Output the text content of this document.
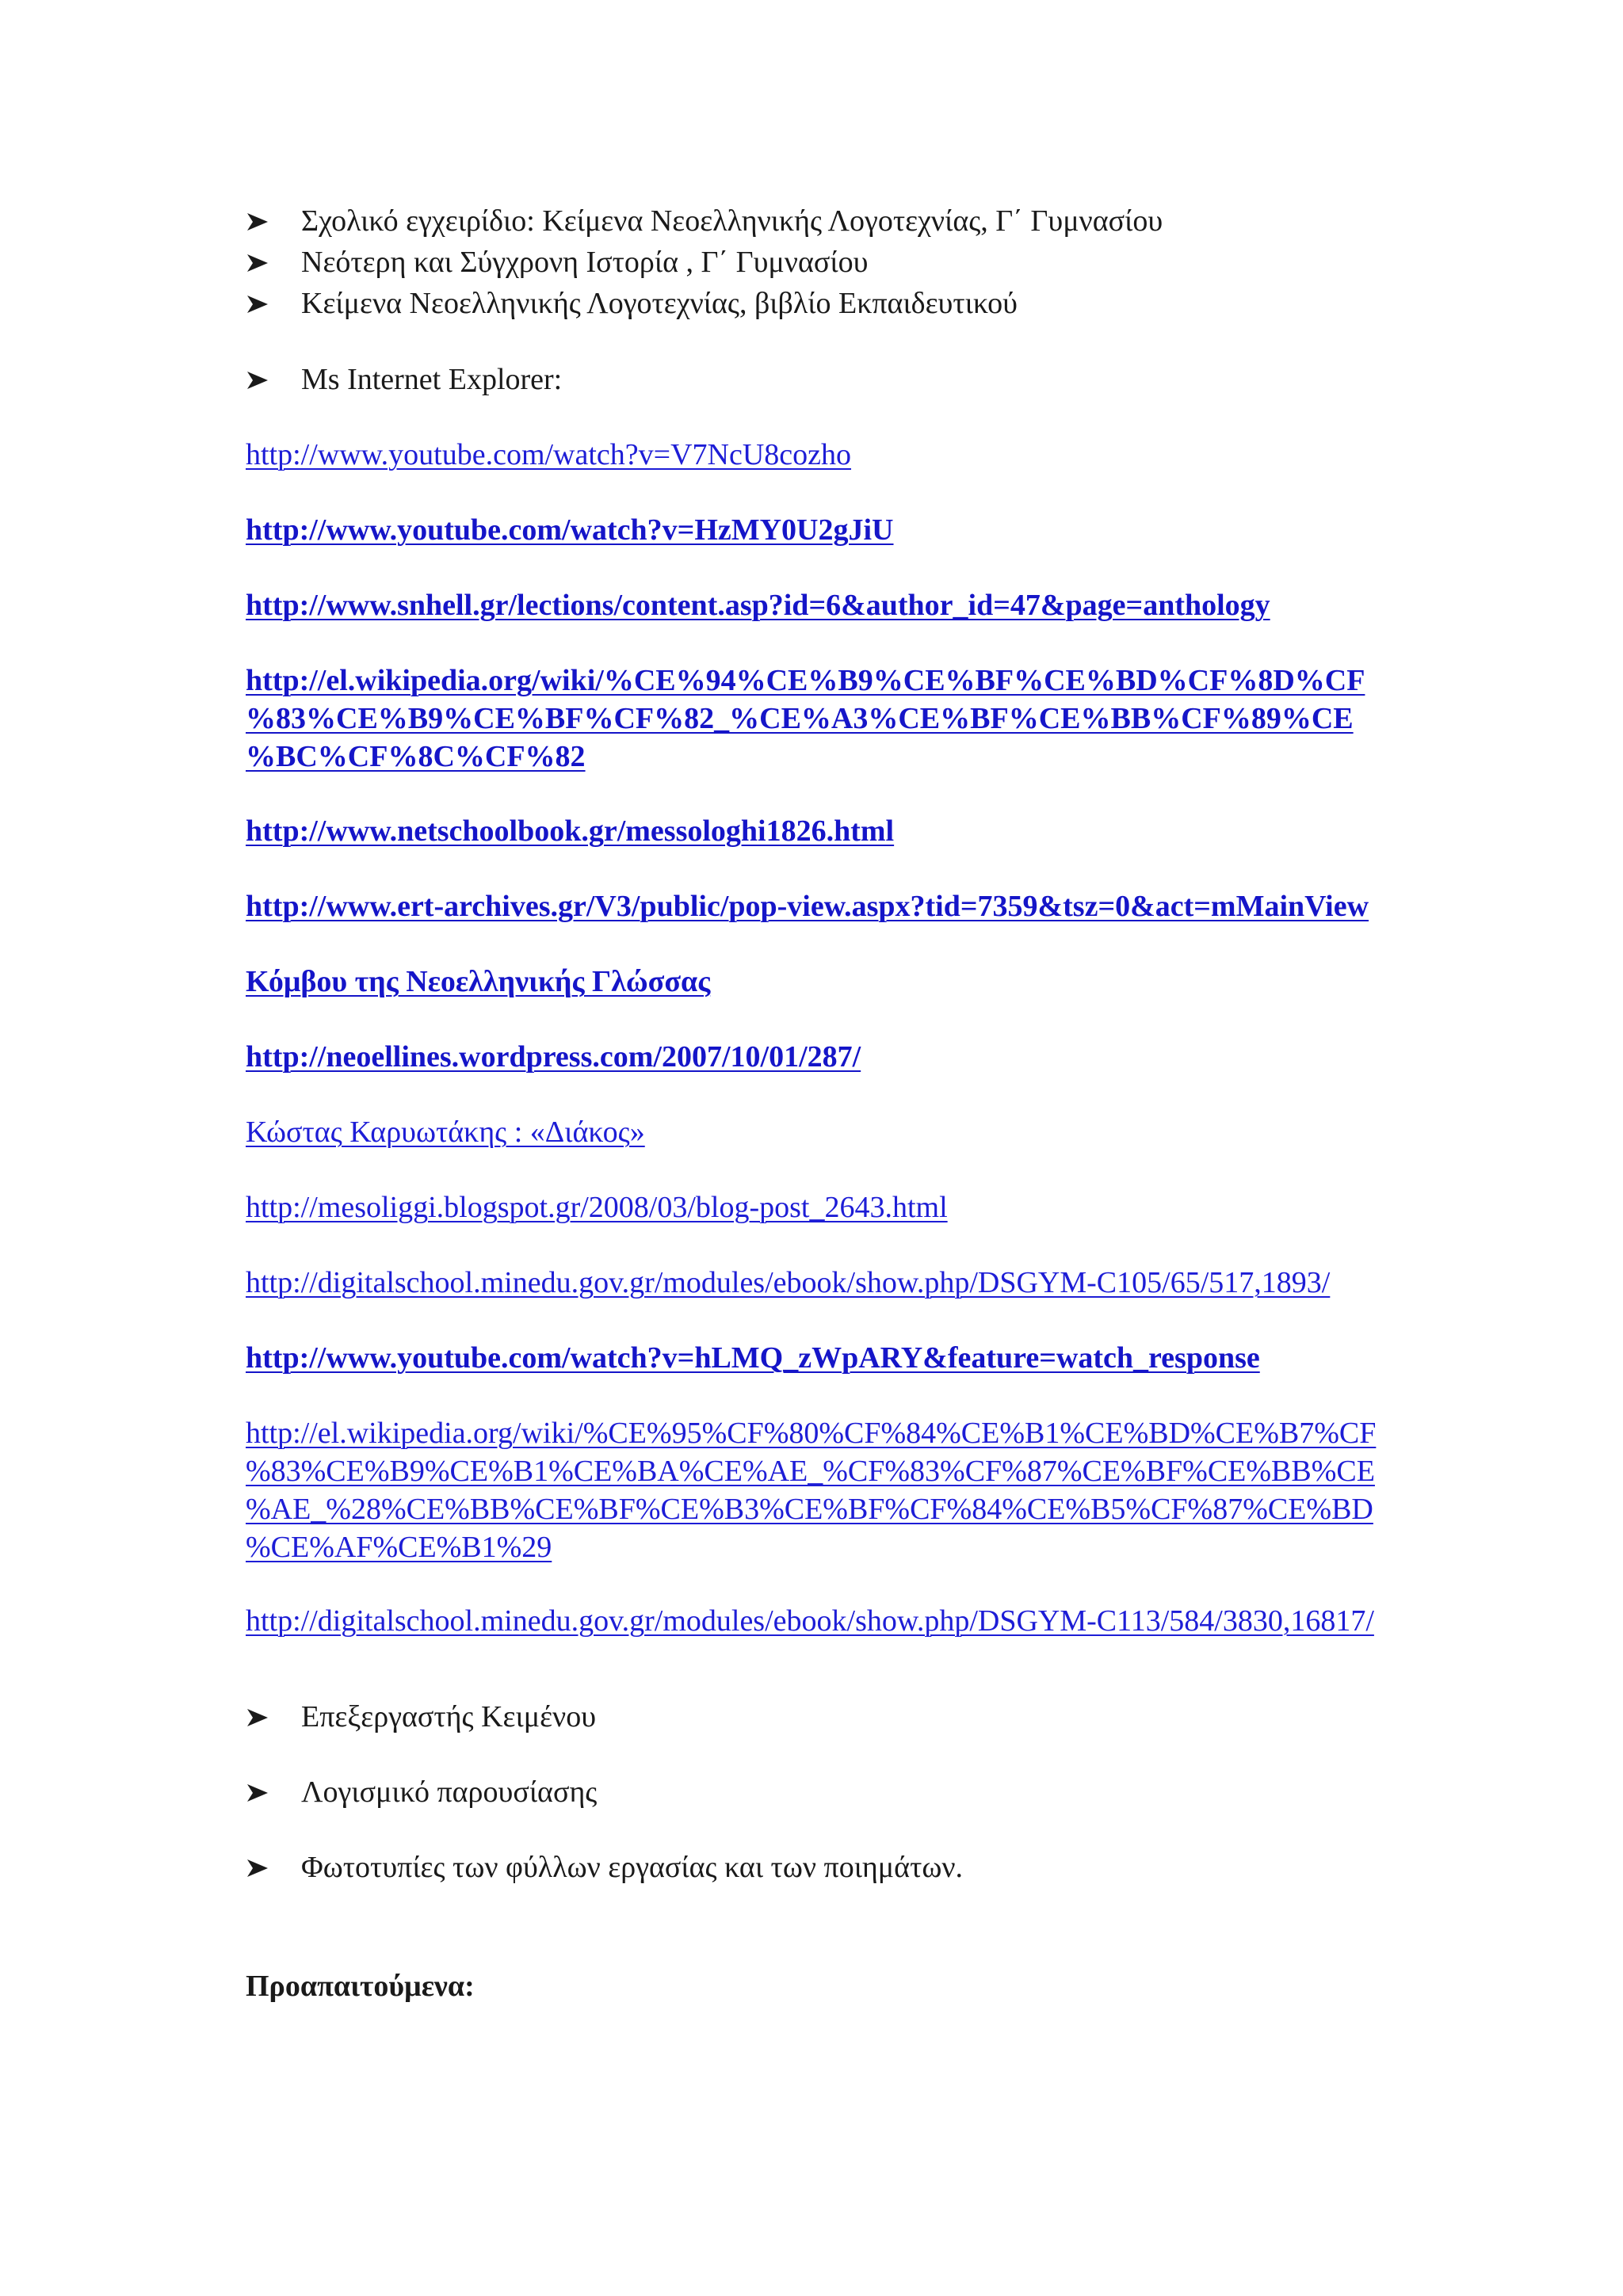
Σχολικό εγχειρίδιο: Κείμενα Νεοελληνικής Λογοτεχνίας, Γ΄ Γυμνασίου
Νεότερη και Σύγχρονη Ιστορία , Γ΄ Γυμνασίου
Κείμενα Νεοελληνικής Λογοτεχνίας, βιβλίο Εκπαιδευτικού
Ms Internet Explorer:
http://www.youtube.com/watch?v=V7NcU8cozho
http://www.youtube.com/watch?v=HzMY0U2gJiU
http://www.snhell.gr/lections/content.asp?id=6&author_id=47&page=anthology
http://el.wikipedia.org/wiki/%CE%94%CE%B9%CE%BF%CE%BD%CF%8D%CF
%83%CE%B9%CE%BF%CF%82_%CE%A3%CE%BF%CE%BB%CF%89%CE
%BC%CF%8C%CF%82
http://www.netschoolbook.gr/messologhi1826.html
http://www.ert-archives.gr/V3/public/pop-view.aspx?tid=7359&tsz=0&act=mMainView
Κόμβου της Νεοελληνικής Γλώσσας
http://neoellines.wordpress.com/2007/10/01/287/
Κώστας Καρυωτάκης : «Διάκος»
http://mesoliggi.blogspot.gr/2008/03/blog-post_2643.html
http://digitalschool.minedu.gov.gr/modules/ebook/show.php/DSGYM-C105/65/517,1893/
http://www.youtube.com/watch?v=hLMQ_zWpARY&feature=watch_response
http://el.wikipedia.org/wiki/%CE%95%CF%80%CF%84%CE%B1%CE%BD%CE%B7%CF
%83%CE%B9%CE%B1%CE%BA%CE%AE_%CF%83%CF%87%CE%BF%CE%BB%CE
%AE_%28%CE%BB%CE%BF%CE%B3%CE%BF%CF%84%CE%B5%CF%87%CE%BD
%CE%AF%CE%B1%29
http://digitalschool.minedu.gov.gr/modules/ebook/show.php/DSGYM-C113/584/3830,16817/
Επεξεργαστής Κειμένου
Λογισμικό παρουσίασης
Φωτοτυπίες των φύλλων εργασίας και των ποιημάτων.
Προαπαιτούμενα:
